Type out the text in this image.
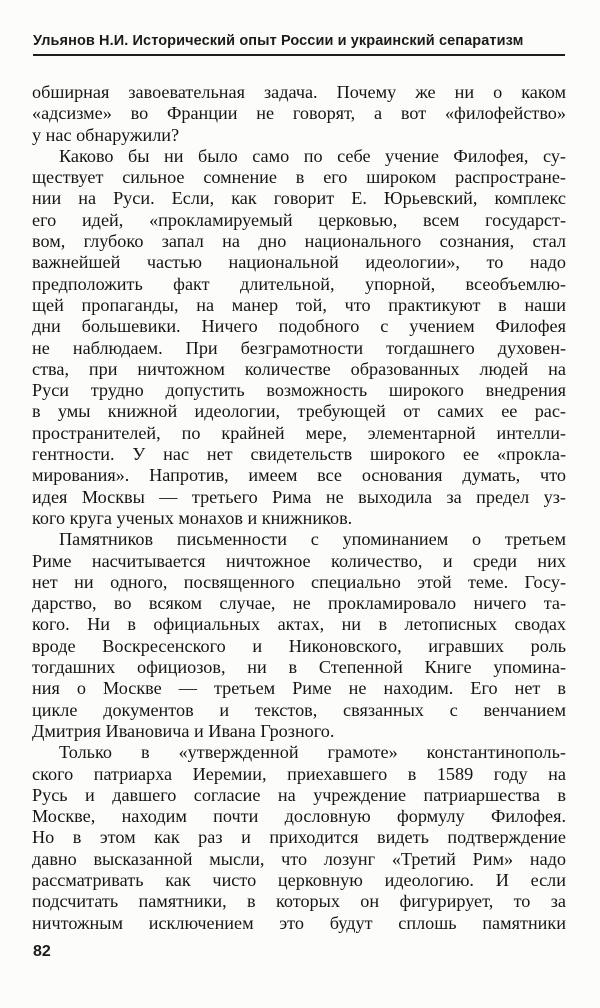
Ульянов Н.И. Исторический опыт России и украинский сепаратизм
обширная завоевательная задача. Почему же ни о каком
«адсизме» во Франции не говорят, а вот «филофейство»
у нас обнаружили?
Каково бы ни было само по себе учение Филофея, су-
ществует сильное сомнение в его широком распростране-
нии на Руси. Если, как говорит Е. Юрьевский, комплекс
его идей, «прокламируемый церковью, всем государст-
вом, глубоко запал на дно национального сознания, стал
важнейшей частью национальной идеологии», то надо
предположить факт длительной, упорной, всеобъемлю-
щей пропаганды, на манер той, что практикуют в наши
дни большевики. Ничего подобного с учением Филофея
не наблюдаем. При безграмотности тогдашнего духовен-
ства, при ничтожном количестве образованных людей на
Руси трудно допустить возможность широкого внедрения
в умы книжной идеологии, требующей от самих ее рас-
пространителей, по крайней мере, элементарной интелли-
гентности. У нас нет свидетельств широкого ее «прокла-
мирования». Напротив, имеем все основания думать, что
идея Москвы — третьего Рима не выходила за предел уз-
кого круга ученых монахов и книжников.
Памятников письменности с упоминанием о третьем
Риме насчитывается ничтожное количество, и среди них
нет ни одного, посвященного специально этой теме. Госу-
дарство, во всяком случае, не прокламировало ничего та-
кого. Ни в официальных актах, ни в летописных сводах
вроде Воскресенского и Никоновского, игравших роль
тогдашних официозов, ни в Степенной Книге упомина-
ния о Москве — третьем Риме не находим. Его нет в
цикле документов и текстов, связанных с венчанием
Дмитрия Ивановича и Ивана Грозного.
Только в «утвержденной грамоте» константинополь-
ского патриарха Иеремии, приехавшего в 1589 году на
Русь и давшего согласие на учреждение патриаршества в
Москве, находим почти дословную формулу Филофея.
Но в этом как раз и приходится видеть подтверждение
давно высказанной мысли, что лозунг «Третий Рим» надо
рассматривать как чисто церковную идеологию. И если
подсчитать памятники, в которых он фигурирует, то за
ничтожным исключением это будут сплошь памятники
82
